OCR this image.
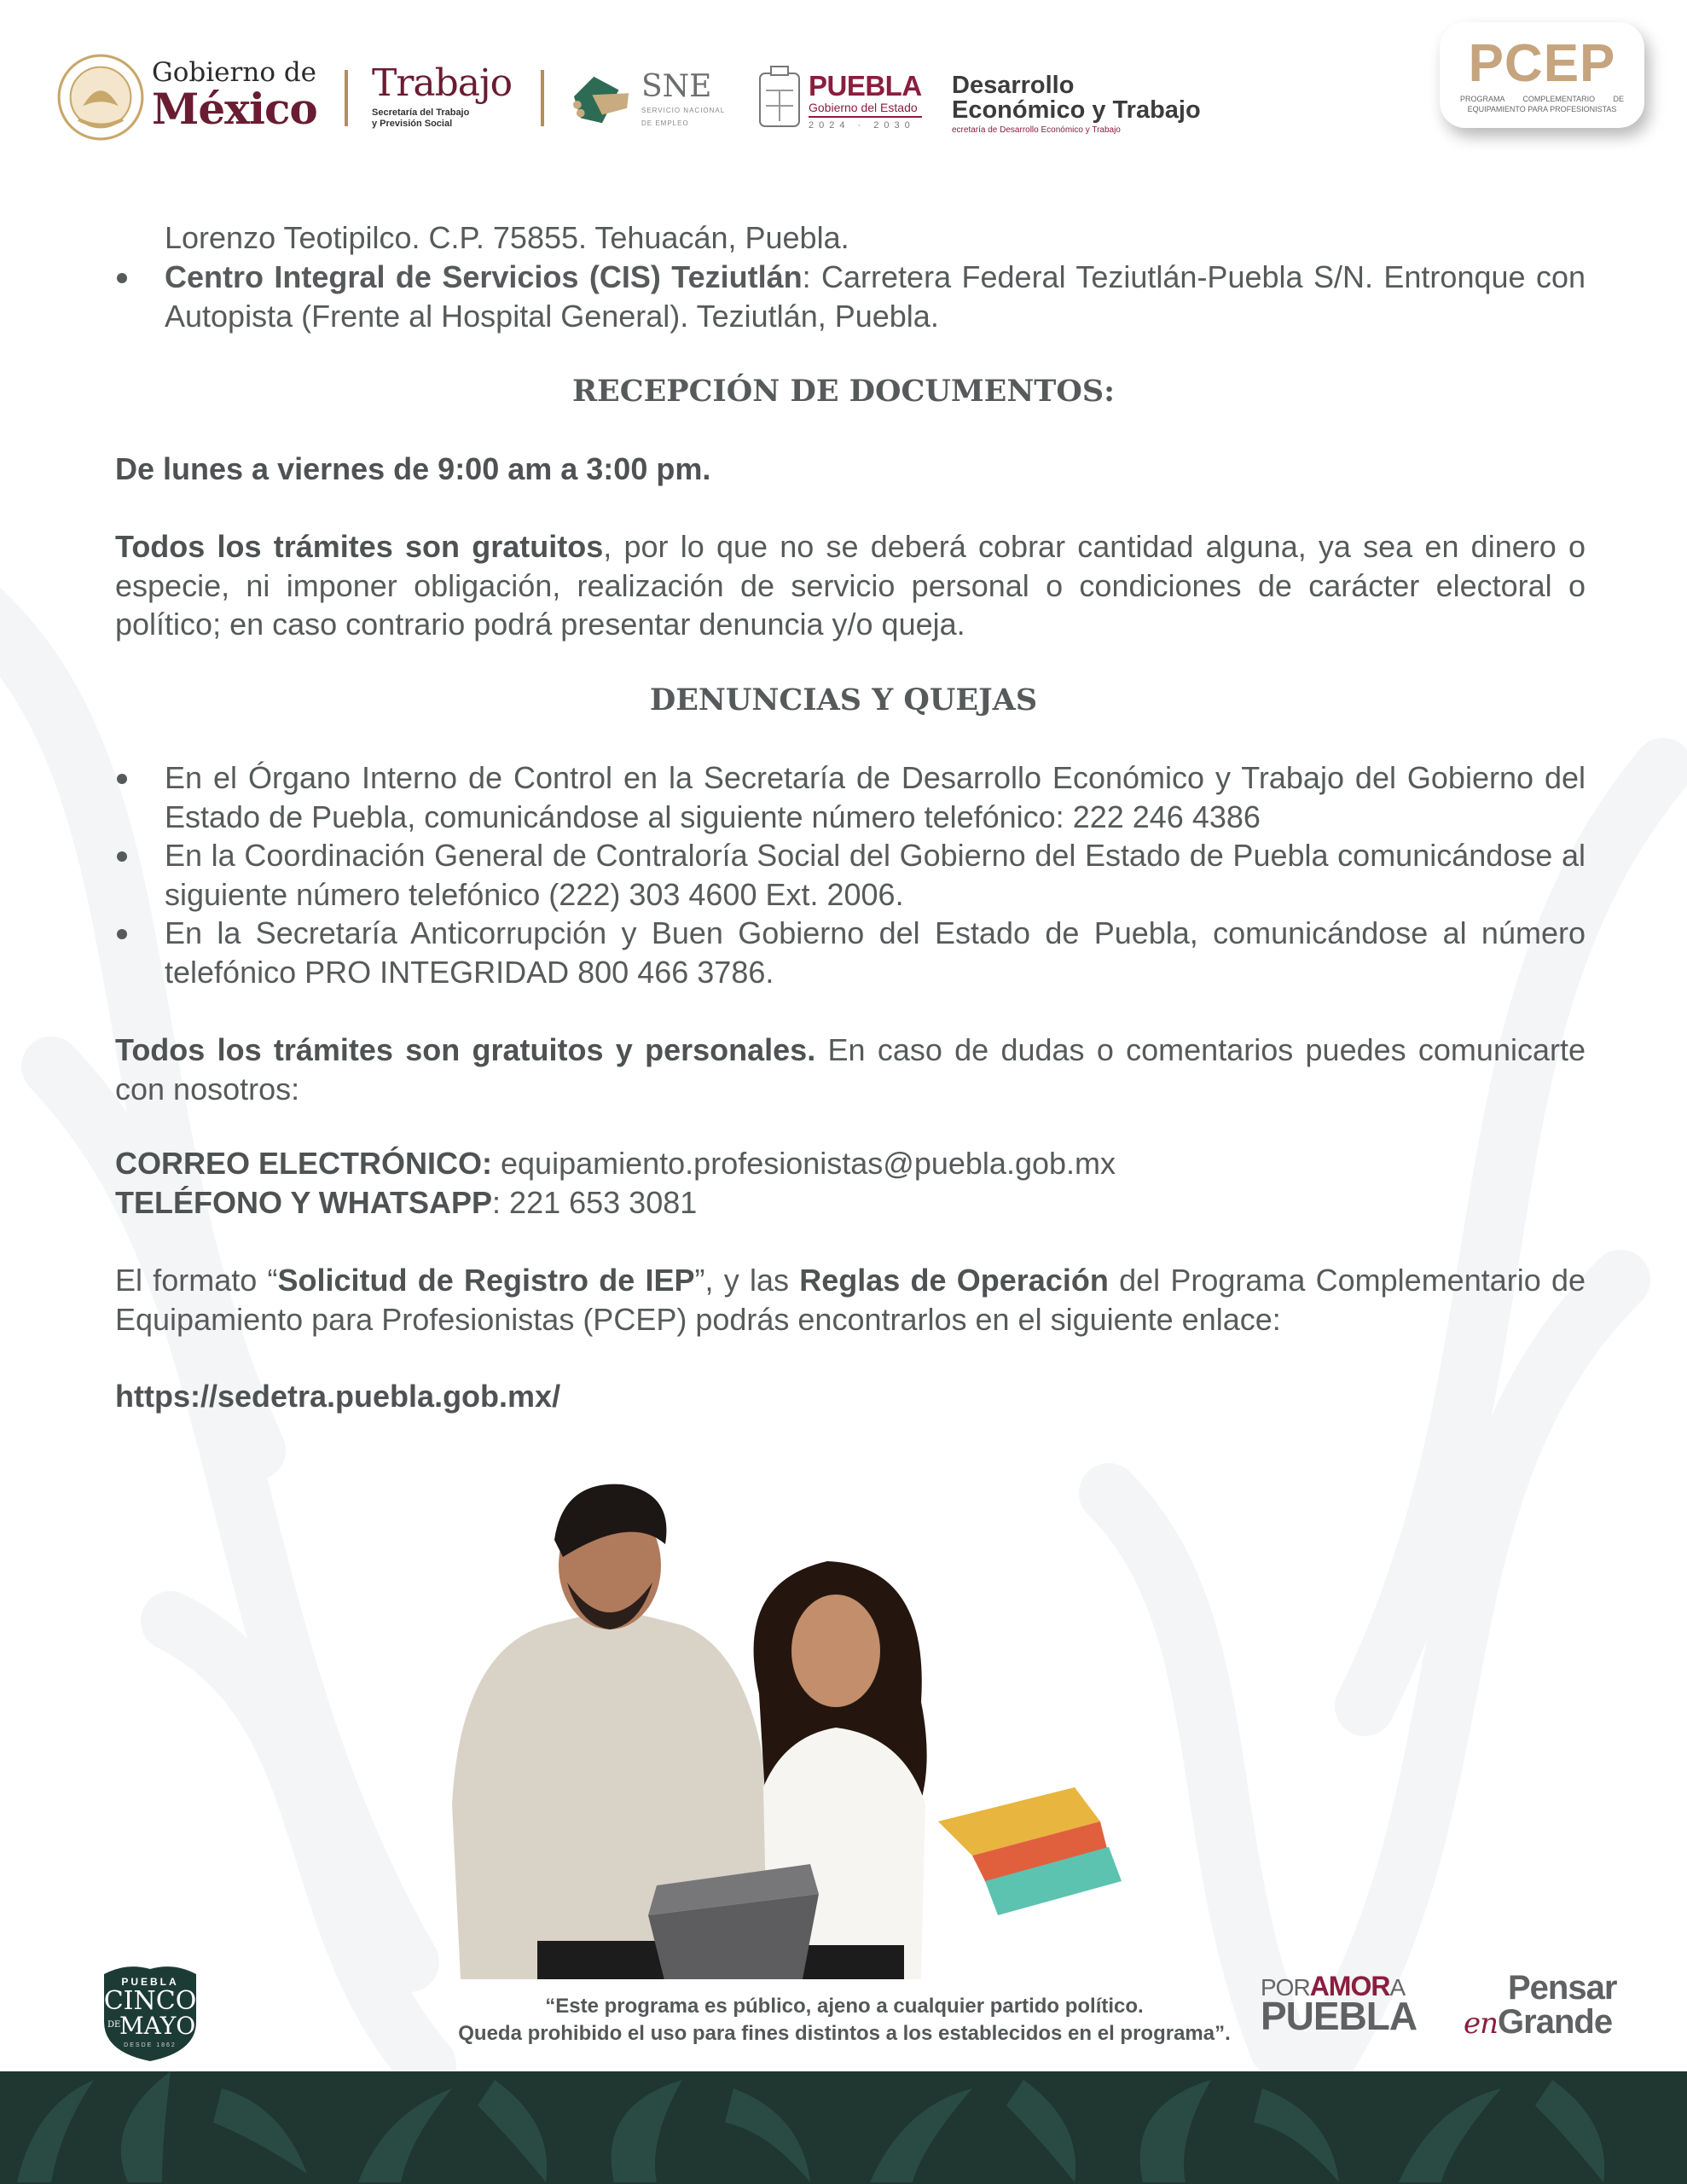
Gobierno de
México
Trabajo
Secretaría del Trabajo
y Previsión Social
SNE
SERVICIO NACIONAL
DE EMPLEO
PUEBLA
Gobierno del Estado
2024 · 2030
Desarrollo
Económico y Trabajo
ecretaría de Desarrollo Económico y Trabajo
PCEP
PROGRAMA COMPLEMENTARIO DE EQUIPAMIENTO PARA PROFESIONISTAS
Lorenzo Teotipilco. C.P. 75855. Tehuacán, Puebla.
Centro Integral de Servicios (CIS) Teziutlán: Carretera Federal Teziutlán-Puebla S/N. Entronque con Autopista (Frente al Hospital General). Teziutlán, Puebla.
RECEPCIÓN DE DOCUMENTOS:
De lunes a viernes de 9:00 am a 3:00 pm.
Todos los trámites son gratuitos, por lo que no se deberá cobrar cantidad alguna, ya sea en dinero o especie, ni imponer obligación, realización de servicio personal o condiciones de carácter electoral o político; en caso contrario podrá presentar denuncia y/o queja.
DENUNCIAS Y QUEJAS
En el Órgano Interno de Control en la Secretaría de Desarrollo Económico y Trabajo del Gobierno del Estado de Puebla, comunicándose al siguiente número telefónico: 222 246 4386
En la Coordinación General de Contraloría Social del Gobierno del Estado de Puebla comunicándose al siguiente número telefónico (222) 303 4600 Ext. 2006.
En la Secretaría Anticorrupción y Buen Gobierno del Estado de Puebla, comunicándose al número telefónico PRO INTEGRIDAD 800 466 3786.
Todos los trámites son gratuitos y personales. En caso de dudas o comentarios puedes comunicarte con nosotros:
CORREO ELECTRÓNICO: equipamiento.profesionistas@puebla.gob.mx
TELÉFONO Y WHATSAPP: 221 653 3081
El formato “Solicitud de Registro de IEP”, y las Reglas de Operación del Programa Complementario de Equipamiento para Profesionistas (PCEP) podrás encontrarlos en el siguiente enlace:
https://sedetra.puebla.gob.mx/
“Este programa es público, ajeno a cualquier partido político.
Queda prohibido el uso para fines distintos a los establecidos en el programa”.
PUEBLA
CINCO
DE
MAYO
DESDE 1862
PORAMORA
PUEBLA
Pensar
enGrande
